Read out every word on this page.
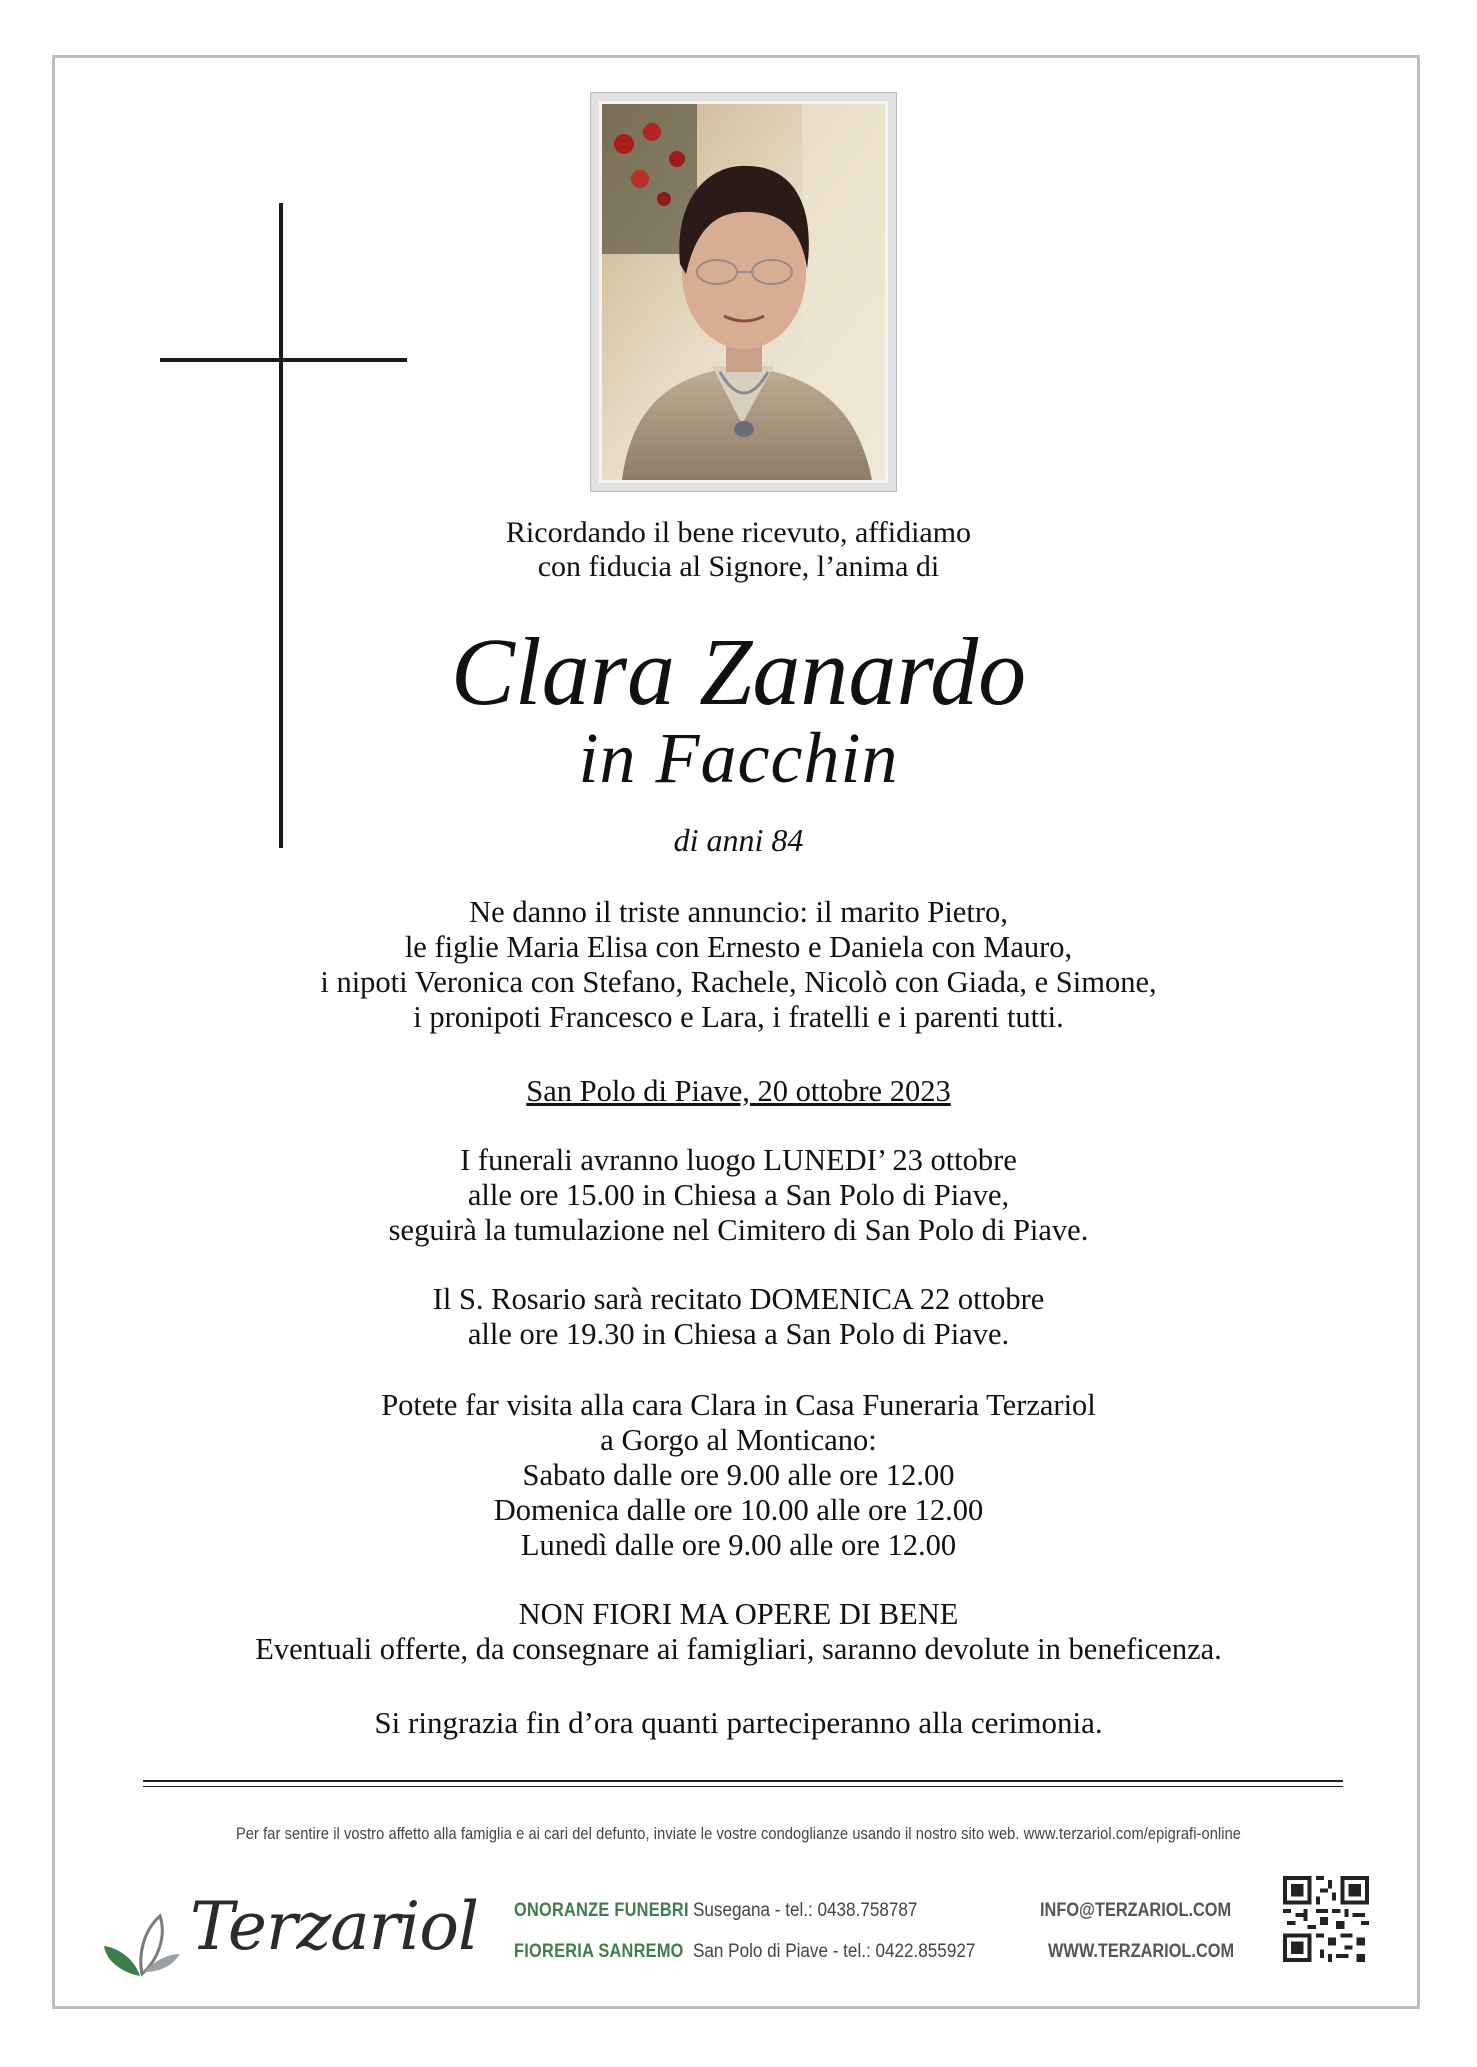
Ricordando il bene ricevuto, affidiamo
con fiducia al Signore, l’anima di

Clara Zanardo

in Facchin

di anni 84

Ne danno il triste annuncio: il marito Pietro,
le figlie Maria Elisa con Ernesto e Daniela con Mauro,
i nipoti Veronica con Stefano, Rachele, Nicolò con Giada, e Simone,
i pronipoti Francesco e Lara, i fratelli e i parenti tutti.

San Polo di Piave, 20 ottobre 2023

I funerali avranno luogo LUNEDI’ 23 ottobre
alle ore 15.00 in Chiesa a San Polo di Piave,
seguirà la tumulazione nel Cimitero di San Polo di Piave.

Il S. Rosario sarà recitato DOMENICA 22 ottobre
alle ore 19.30 in Chiesa a San Polo di Piave.

Potete far visita alla cara Clara in Casa Funeraria Terzariol
a Gorgo al Monticano:
Sabato dalle ore 9.00 alle ore 12.00
Domenica dalle ore 10.00 alle ore 12.00
Lunedì dalle ore 9.00 alle ore 12.00

NON FIORI MA OPERE DI BENE
Eventuali offerte, da consegnare ai famigliari, saranno devolute in beneficenza.

Si ringrazia fin d’ora quanti parteciperanno alla cerimonia.

Per far sentire il vostro affetto alla famiglia e ai cari del defunto, inviate le vostre condoglianze usando il nostro sito web. www.terzariol.com/epigrafi-online
Terzariol ONORANZE FUNEBRI
FIORERIA SANREMO
Susegana - tel.: 0438.758787
San Polo di Piave - tel.: 0422.855927
INFO@TERZARIOL.COM
WWW.TERZARIOL.COM
